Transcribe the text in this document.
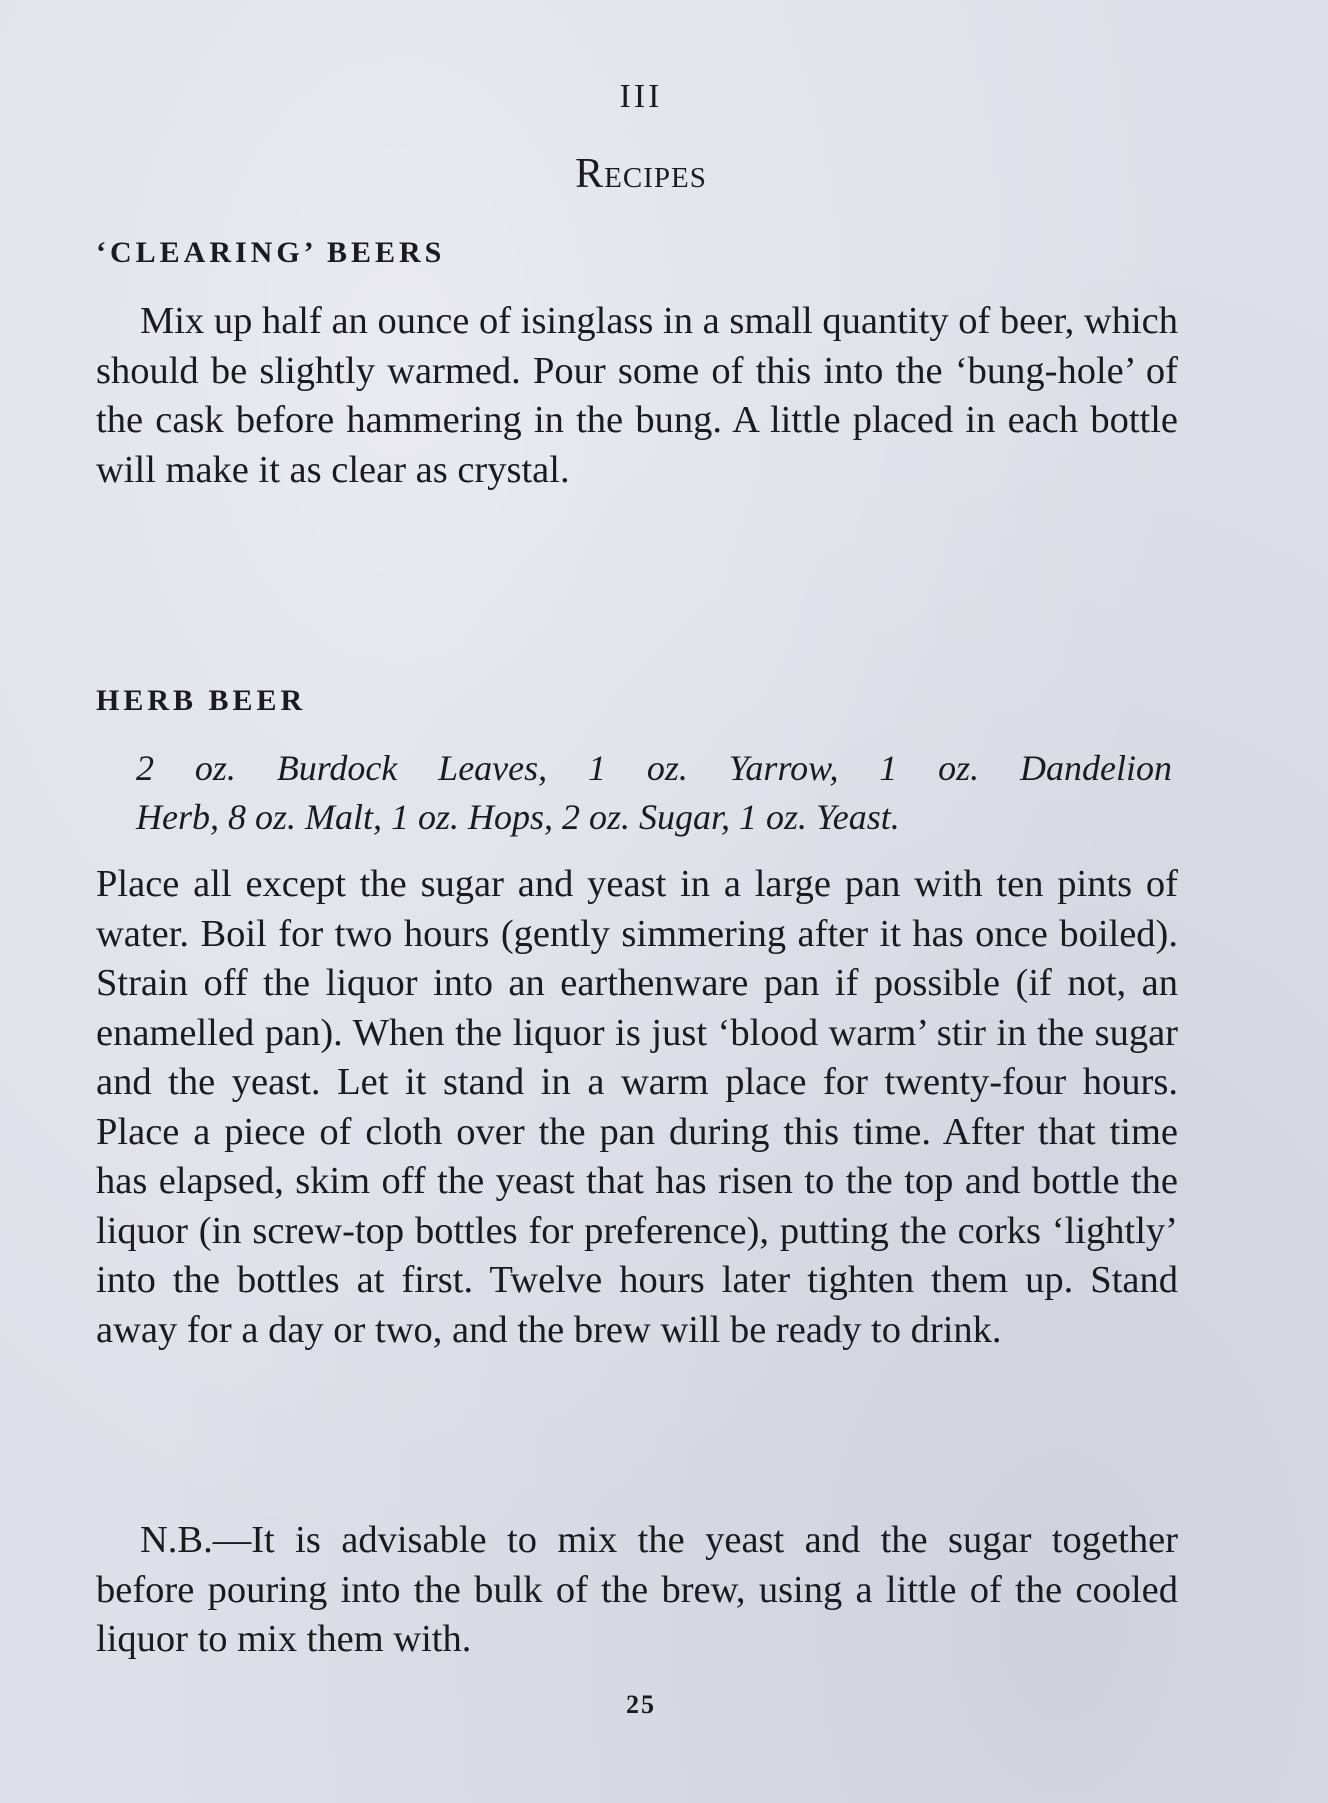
III
Recipes
‘CLEARING’ BEERS

Mix up half an ounce of isinglass in a small quantity of beer, which should be slightly warmed. Pour some of this into the ‘bung-hole’ of the cask before hammering in the bung. A little placed in each bottle will make it as clear as crystal.

HERB BEER

2 oz. Burdock Leaves, 1 oz. Yarrow, 1 oz. Dandelion
Herb, 8 oz. Malt, 1 oz. Hops, 2 oz. Sugar, 1 oz. Yeast.

Place all except the sugar and yeast in a large pan with ten pints of water. Boil for two hours (gently simmering after it has once boiled). Strain off the liquor into an earthenware pan if possible (if not, an enamelled pan). When the liquor is just ‘blood warm’ stir in the sugar and the yeast. Let it stand in a warm place for twenty-four hours. Place a piece of cloth over the pan during this time. After that time has elapsed, skim off the yeast that has risen to the top and bottle the liquor (in screw-top bottles for preference), putting the corks ‘lightly’ into the bottles at first. Twelve hours later tighten them up. Stand away for a day or two, and the brew will be ready to drink.

N.B.—It is advisable to mix the yeast and the sugar together before pouring into the bulk of the brew, using a little of the cooled liquor to mix them with.

25
